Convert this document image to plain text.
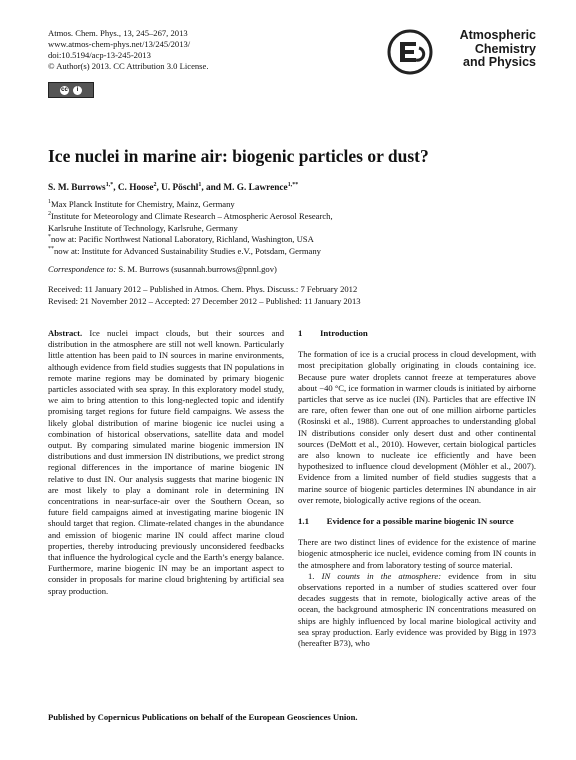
Atmos. Chem. Phys., 13, 245–267, 2013
www.atmos-chem-phys.net/13/245/2013/
doi:10.5194/acp-13-245-2013
© Author(s) 2013. CC Attribution 3.0 License.
cc	i
Atmospheric
Chemistry
and Physics
Ice nuclei in marine air: biogenic particles or dust?
S. M. Burrows$^{1,*}$, C. Hoose$^2$, U. Pöschl$^1$, and M. G. Lawrence$^{1,**}$
$^1$Max Planck Institute for Chemistry, Mainz, Germany
$^2$Institute for Meteorology and Climate Research – Atmospheric Aerosol Research,
Karlsruhe Institute of Technology, Karlsruhe, Germany
*now at: Pacific Northwest National Laboratory, Richland, Washington, USA
**now at: Institute for Advanced Sustainability Studies e.V., Potsdam, Germany
Correspondence to: S. M. Burrows (susannah.burrows@pnnl.gov)
Received: 11 January 2012 – Published in Atmos. Chem. Phys. Discuss.: 7 February 2012
Revised: 21 November 2012 – Accepted: 27 December 2012 – Published: 11 January 2013

Abstract. Ice nuclei impact clouds, but their sources and distribution in the atmosphere are still not well known. Particularly little attention has been paid to IN sources in marine environments, although evidence from field studies suggests that IN populations in remote marine regions may be dominated by primary biogenic particles associated with sea spray. In this exploratory model study, we aim to bring attention to this long-neglected topic and identify promising target regions for future field campaigns. We assess the likely global distribution of marine biogenic ice nuclei using a combination of historical observations, satellite data and model output. By comparing simulated marine biogenic immersion IN distributions and dust immersion IN distributions, we predict strong regional differences in the importance of marine biogenic IN relative to dust IN. Our analysis suggests that marine biogenic IN are most likely to play a dominant role in determining IN concentrations in near-surface-air over the Southern Ocean, so future field campaigns aimed at investigating marine biogenic IN should target that region. Climate-related changes in the abundance and emission of biogenic marine IN could affect marine cloud properties, thereby introducing previously unconsidered feedbacks that influence the hydrological cycle and the Earth’s energy balance. Furthermore, marine biogenic IN may be an important aspect to consider in proposals for marine cloud brightening by artificial sea spray production.

1  Introduction

The formation of ice is a crucial process in cloud development, with most precipitation globally originating in clouds containing ice. Because pure water droplets cannot freeze at temperatures above about −40 °C, ice formation in warmer clouds is initiated by airborne particles that serve as ice nuclei (IN). Particles that are effective IN are rare, often fewer than one out of one million airborne particles (Rosinski et al., 1988). Current approaches to understanding global IN distributions consider only desert dust and other continental sources (DeMott et al., 2010). However, certain biological particles are also known to nucleate ice efficiently and have been hypothesized to influence cloud development (Möhler et al., 2007). Evidence from a limited number of field studies suggests that a marine source of biogenic particles determines IN abundance in air over remote, biologically active regions of the ocean.

1.1  Evidence for a possible marine biogenic IN source

There are two distinct lines of evidence for the existence of marine biogenic atmospheric ice nuclei, evidence coming from IN counts in the atmosphere and from laboratory testing of source material.

1. IN counts in the atmosphere: evidence from in situ observations reported in a number of studies scattered over four decades suggests that in remote, biologically active areas of the ocean, the background atmospheric IN concentrations measured on ships are highly influenced by local marine biological activity and sea spray production. Early evidence was provided by Bigg in 1973 (hereafter B73), who

Published by Copernicus Publications on behalf of the European Geosciences Union.
